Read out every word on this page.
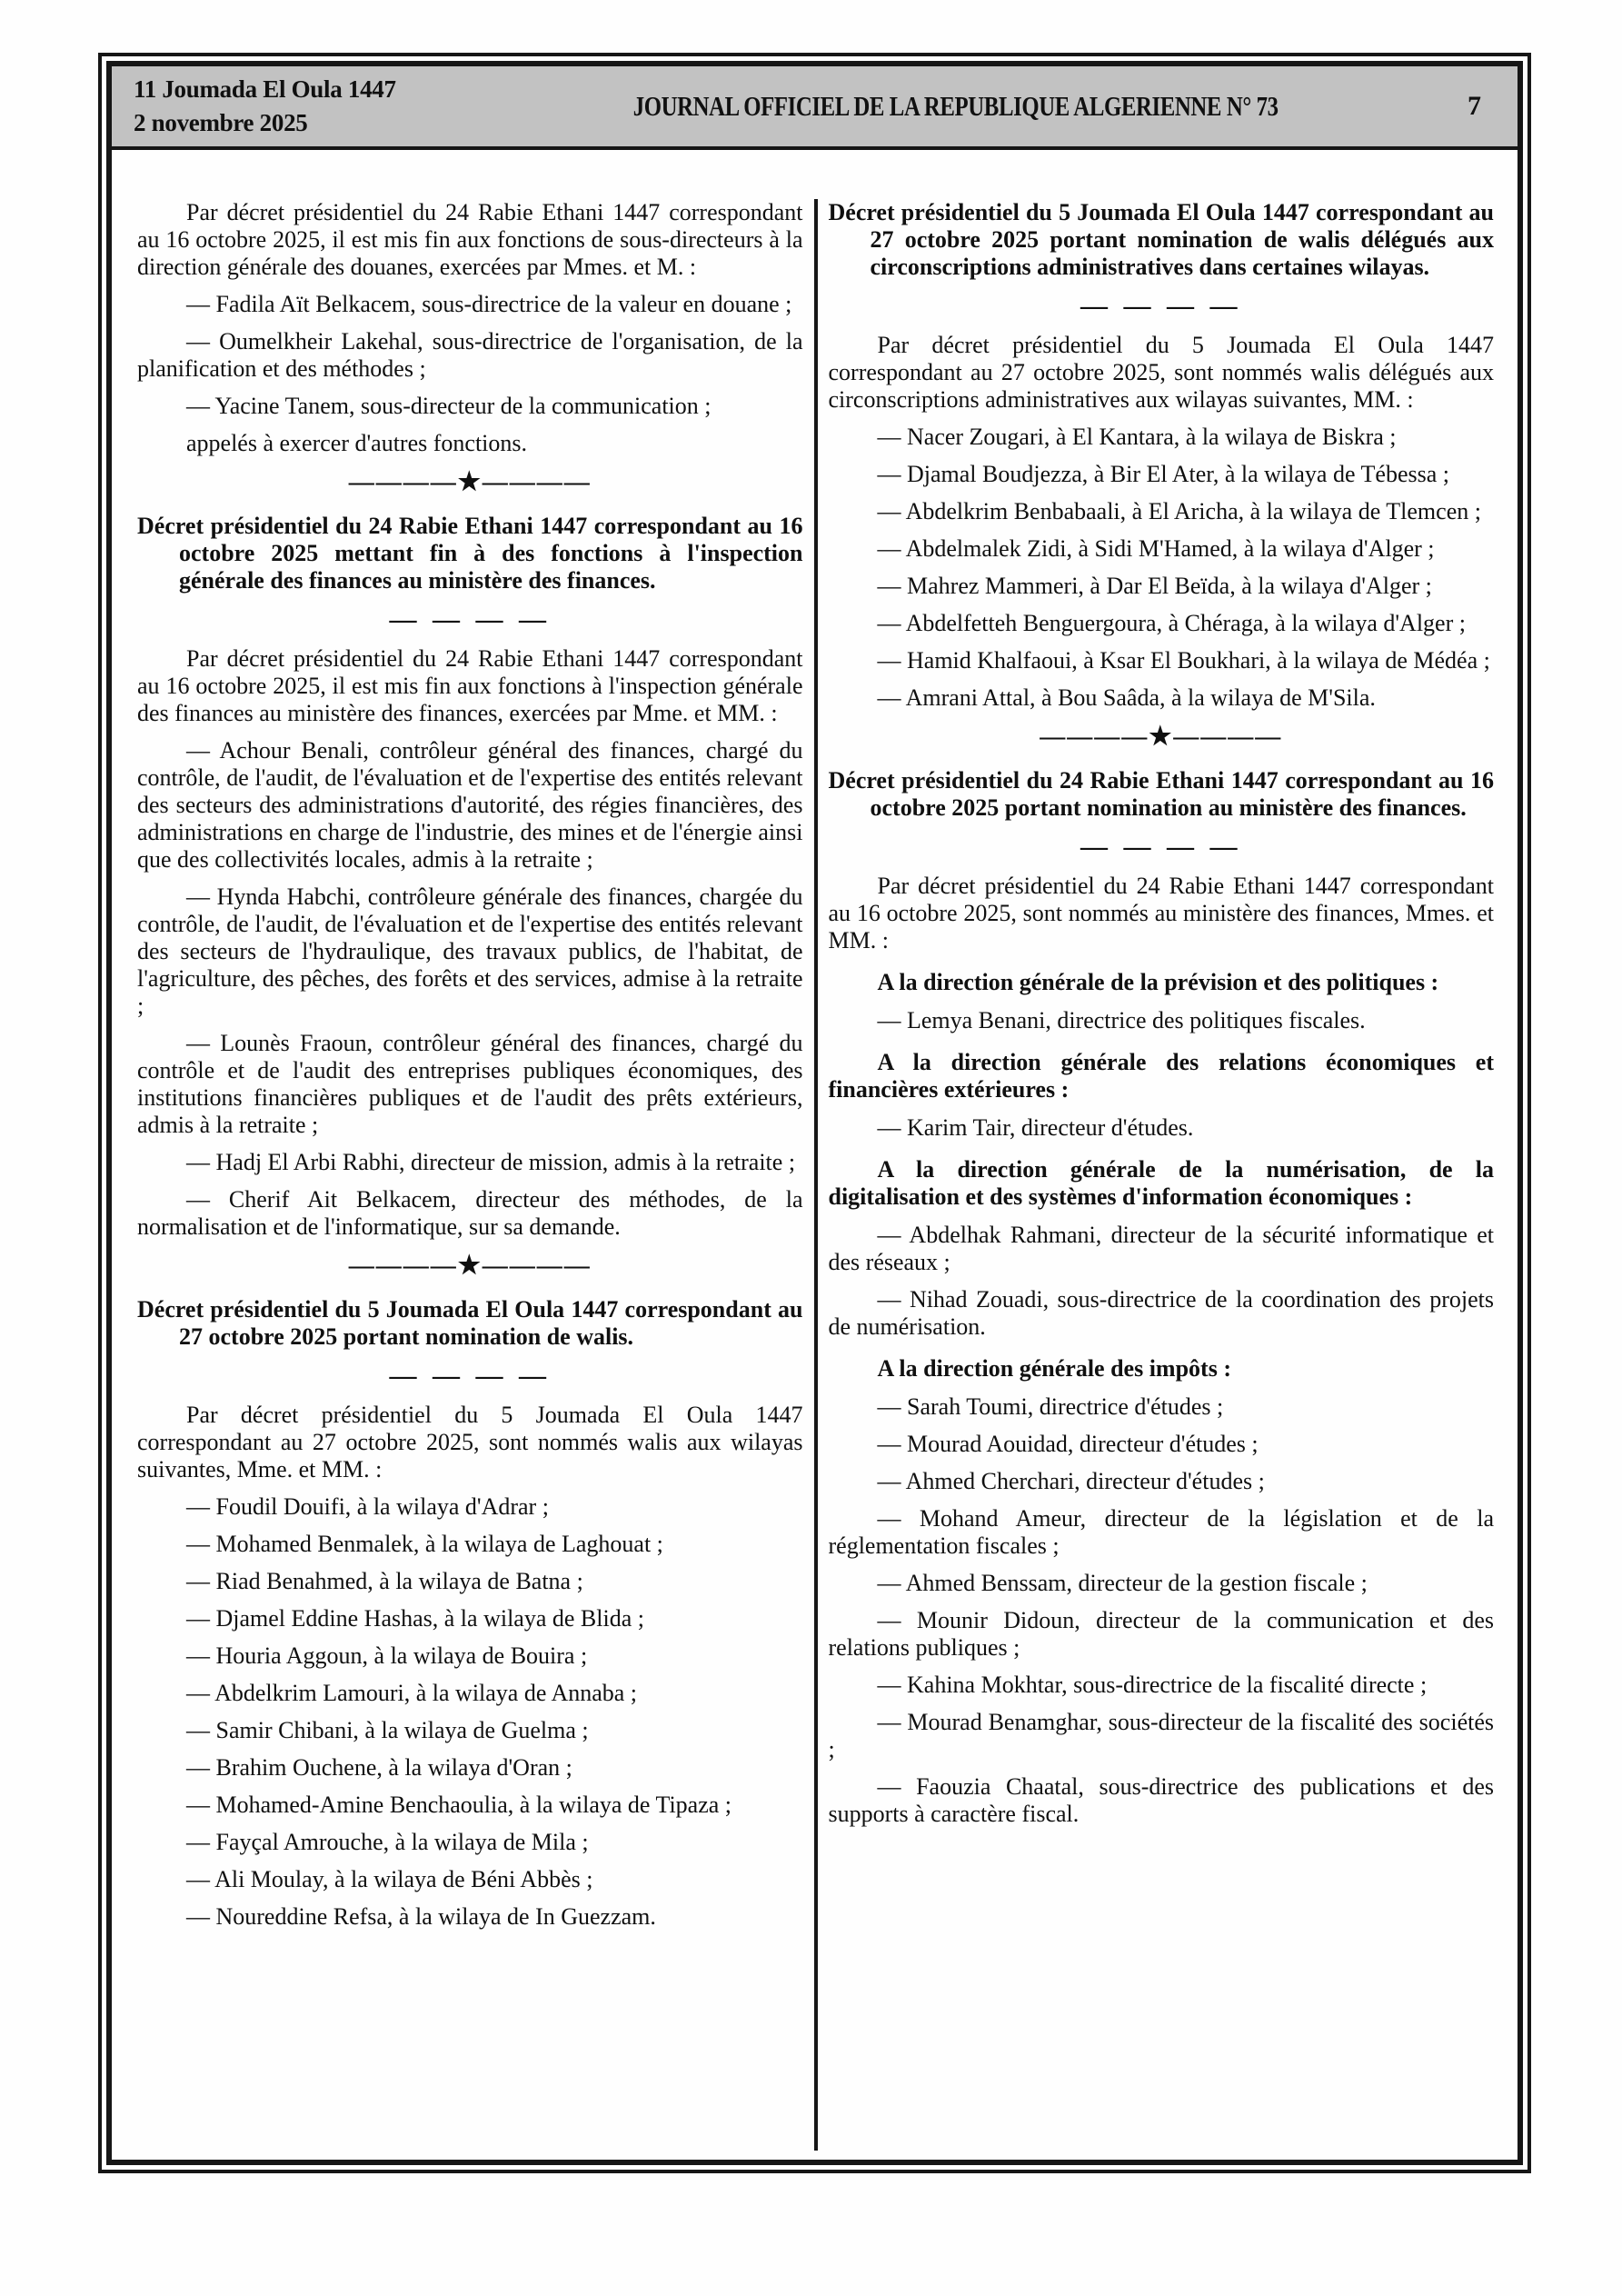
11 Joumada El Oula 1447
2 novembre 2025
JOURNAL OFFICIEL DE LA REPUBLIQUE ALGERIENNE N° 73	7
Par décret présidentiel du 24 Rabie Ethani 1447 correspondant au 16 octobre 2025, il est mis fin aux fonctions de sous-directeurs à la direction générale des douanes, exercées par Mmes. et M. :
— Fadila Aït Belkacem, sous-directrice de la valeur en douane ;
— Oumelkheir Lakehal, sous-directrice de l'organisation, de la planification et des méthodes ;
— Yacine Tanem, sous-directeur de la communication ;
appelés à exercer d'autres fonctions.
————★————
Décret présidentiel du 24 Rabie Ethani 1447 correspondant au 16 octobre 2025 mettant fin à des fonctions à l'inspection générale des finances au ministère des finances.
— — — —
Par décret présidentiel du 24 Rabie Ethani 1447 correspondant au 16 octobre 2025, il est mis fin aux fonctions à l'inspection générale des finances au ministère des finances, exercées par Mme. et MM. :
— Achour Benali, contrôleur général des finances, chargé du contrôle, de l'audit, de l'évaluation et de l'expertise des entités relevant des secteurs des administrations d'autorité, des régies financières, des administrations en charge de l'industrie, des mines et de l'énergie ainsi que des collectivités locales, admis à la retraite ;
— Hynda Habchi, contrôleure générale des finances, chargée du contrôle, de l'audit, de l'évaluation et de l'expertise des entités relevant des secteurs de l'hydraulique, des travaux publics, de l'habitat, de l'agriculture, des pêches, des forêts et des services, admise à la retraite ;
— Lounès Fraoun, contrôleur général des finances, chargé du contrôle et de l'audit des entreprises publiques économiques, des institutions financières publiques et de l'audit des prêts extérieurs, admis à la retraite ;
— Hadj El Arbi Rabhi, directeur de mission, admis à la retraite ;
— Cherif Ait Belkacem, directeur des méthodes, de la normalisation et de l'informatique, sur sa demande.
————★————
Décret présidentiel du 5 Joumada El Oula 1447 correspondant au 27 octobre 2025 portant nomination de walis.
— — — —
Par décret présidentiel du 5 Joumada El Oula 1447 correspondant au 27 octobre 2025, sont nommés walis aux wilayas suivantes, Mme. et MM. :
— Foudil Douifi, à la wilaya d'Adrar ;
— Mohamed Benmalek, à la wilaya de Laghouat ;
— Riad Benahmed, à la wilaya de Batna ;
— Djamel Eddine Hashas, à la wilaya de Blida ;
— Houria Aggoun, à la wilaya de Bouira ;
— Abdelkrim Lamouri, à la wilaya de Annaba ;
— Samir Chibani, à la wilaya de Guelma ;
— Brahim Ouchene, à la wilaya d'Oran ;
— Mohamed-Amine Benchaoulia, à la wilaya de Tipaza ;
— Fayçal Amrouche, à la wilaya de Mila ;
— Ali Moulay, à la wilaya de Béni Abbès ;
— Noureddine Refsa, à la wilaya de In Guezzam.
Décret présidentiel du 5 Joumada El Oula 1447 correspondant au 27 octobre 2025 portant nomination de walis délégués aux circonscriptions administratives dans certaines wilayas.
— — — —
Par décret présidentiel du 5 Joumada El Oula 1447 correspondant au 27 octobre 2025, sont nommés walis délégués aux circonscriptions administratives aux wilayas suivantes, MM. :
— Nacer Zougari, à El Kantara, à la wilaya de Biskra ;
— Djamal Boudjezza, à Bir El Ater, à la wilaya de Tébessa ;
— Abdelkrim Benbabaali, à El Aricha, à la wilaya de Tlemcen ;
— Abdelmalek Zidi, à Sidi M'Hamed, à la wilaya d'Alger ;
— Mahrez Mammeri, à Dar El Beïda, à la wilaya d'Alger ;
— Abdelfetteh Benguergoura, à Chéraga, à la wilaya d'Alger ;
— Hamid Khalfaoui, à Ksar El Boukhari, à la wilaya de Médéa ;
— Amrani Attal, à Bou Saâda, à la wilaya de M'Sila.
————★————
Décret présidentiel du 24 Rabie Ethani 1447 correspondant au 16 octobre 2025 portant nomination au ministère des finances.
— — — —
Par décret présidentiel du 24 Rabie Ethani 1447 correspondant au 16 octobre 2025, sont nommés au ministère des finances, Mmes. et MM. :
A la direction générale de la prévision et des politiques :
— Lemya Benani, directrice des politiques fiscales.
A la direction générale des relations économiques et financières extérieures :
— Karim Tair, directeur d'études.
A la direction générale de la numérisation, de la digitalisation et des systèmes d'information économiques :
— Abdelhak Rahmani, directeur de la sécurité informatique et des réseaux ;
— Nihad Zouadi, sous-directrice de la coordination des projets de numérisation.
A la direction générale des impôts :
— Sarah Toumi, directrice d'études ;
— Mourad Aouidad, directeur d'études ;
— Ahmed Cherchari, directeur d'études ;
— Mohand Ameur, directeur de la législation et de la réglementation fiscales ;
— Ahmed Benssam, directeur de la gestion fiscale ;
— Mounir Didoun, directeur de la communication et des relations publiques ;
— Kahina Mokhtar, sous-directrice de la fiscalité directe ;
— Mourad Benamghar, sous-directeur de la fiscalité des sociétés ;
— Faouzia Chaatal, sous-directrice des publications et des supports à caractère fiscal.
